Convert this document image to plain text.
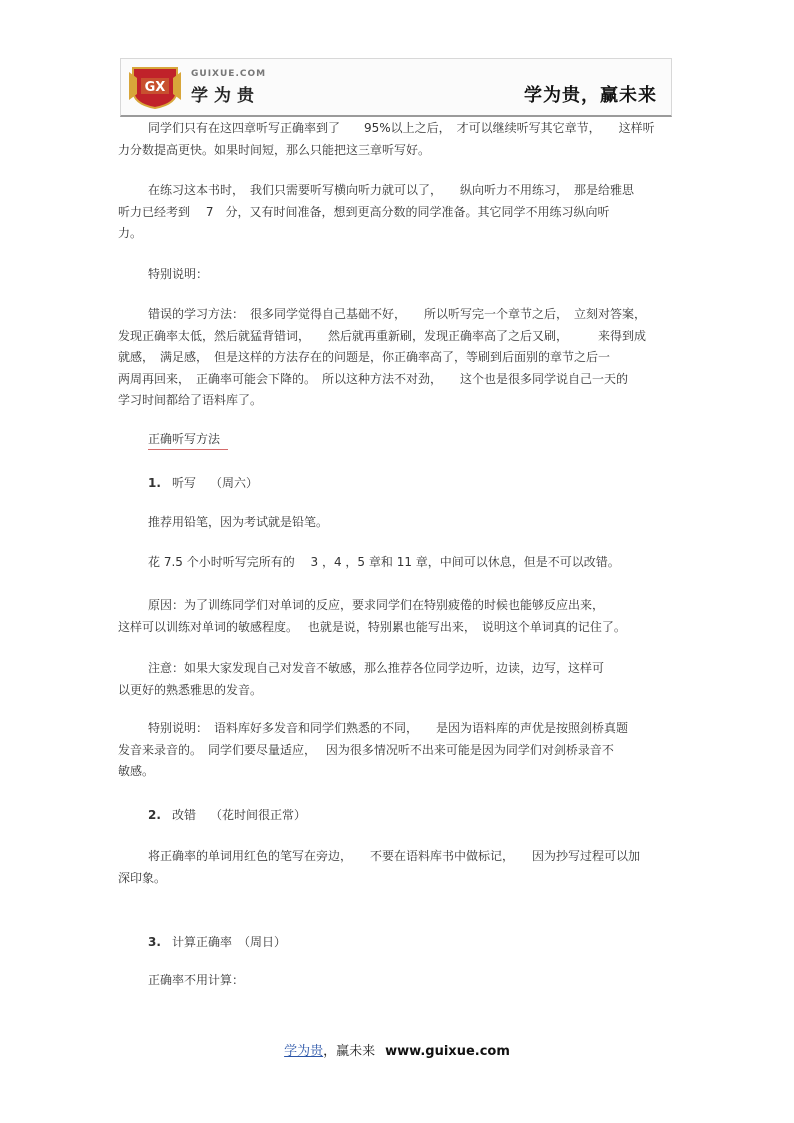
GX
GUIXUE.COM
学为贵	学为贵，赢未来

同学们只有在这四章听写正确率到了　　95%以上之后，　才可以继续听写其它章节，　　这样听
力分数提高更快。如果时间短，那么只能把这三章听写好。

在练习这本书时，　我们只需要听写横向听力就可以了，　　纵向听力不用练习，　那是给雅思
听力已经考到　 7　分，又有时间准备，想到更高分数的同学准备。其它同学不用练习纵向听
力。

特别说明：

错误的学习方法：　很多同学觉得自己基础不好，　　所以听写完一个章节之后，　立刻对答案，
发现正确率太低，然后就猛背错词，　　然后就再重新刷，发现正确率高了之后又刷，　　　来得到成
就感，　满足感，　但是这样的方法存在的问题是，你正确率高了，等刷到后面别的章节之后一
两周再回来，　正确率可能会下降的。　所以这种方法不对劲，　　这个也是很多同学说自己一天的
学习时间都给了语料库了。

正确听写方法
1. 听写 （周六）

推荐用铅笔，因为考试就是铅笔。

花 7.5 个小时听写完所有的　 3 ，4 ，5 章和 11 章，中间可以休息，但是不可以改错。

原因：为了训练同学们对单词的反应，要求同学们在特别疲倦的时候也能够反应出来，
这样可以训练对单词的敏感程度。　 也就是说，特别累也能写出来，　说明这个单词真的记住了。

注意：如果大家发现自己对发音不敏感，那么推荐各位同学边听，边读，边写，这样可
以更好的熟悉雅思的发音。

特别说明：　语料库好多发音和同学们熟悉的不同，　　是因为语料库的声优是按照剑桥真题
发音来录音的。　同学们要尽量适应，　 因为很多情况听不出来可能是因为同学们对剑桥录音不
敏感。

2. 改错 （花时间很正常）

将正确率的单词用红色的笔写在旁边，　　不要在语料库书中做标记，　　因为抄写过程可以加
深印象。

3. 计算正确率 （周日）

正确率不用计算：

学为贵，赢未来 www.guixue.com
